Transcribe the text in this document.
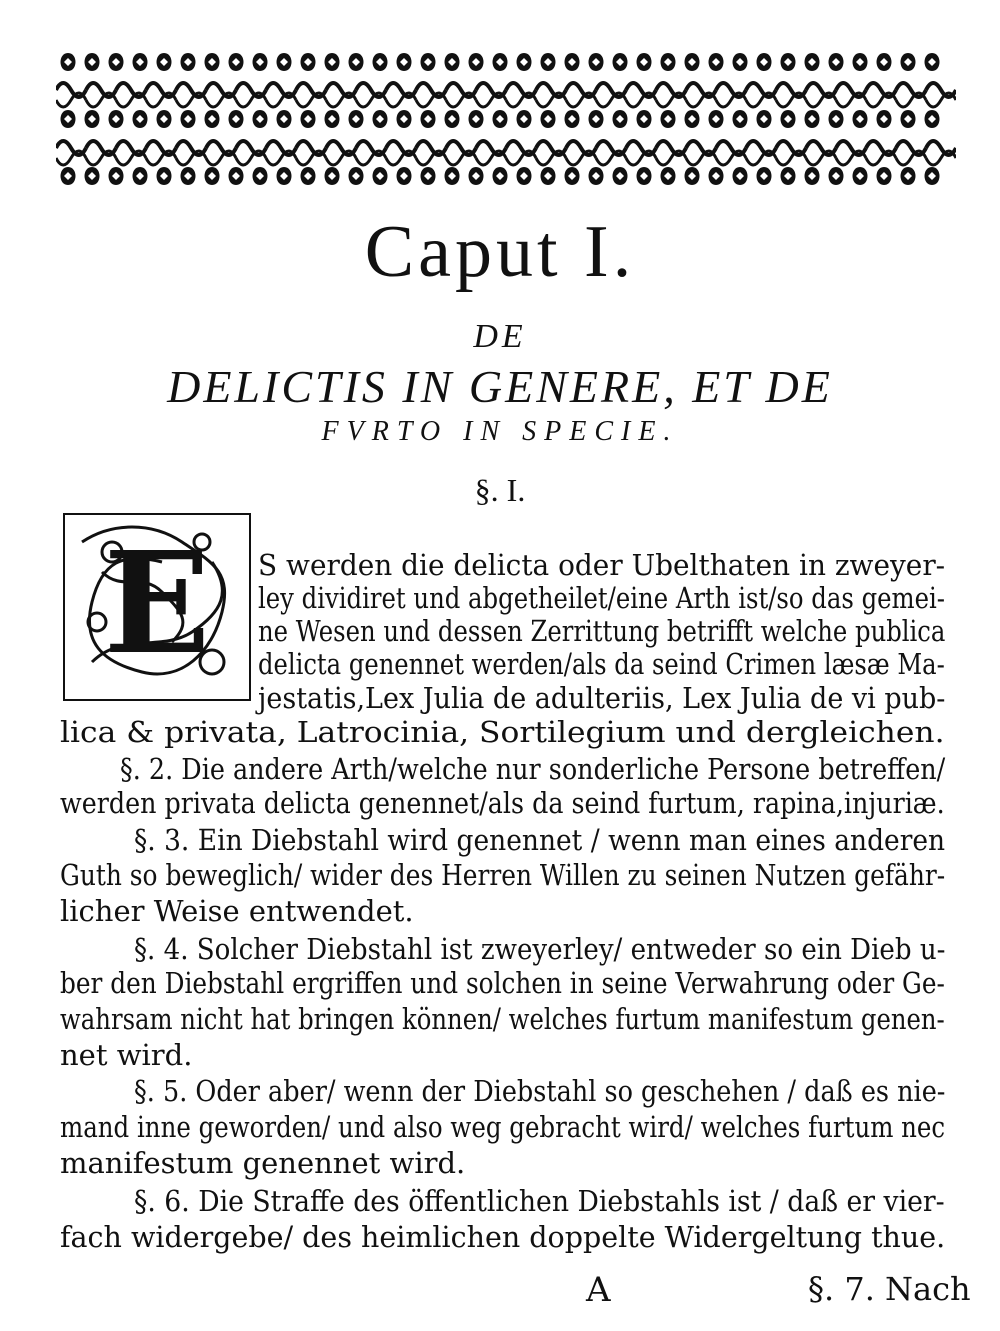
Caput I.
DE
DELICTIS IN GENERE, ET DE
FVRTO IN SPECIE.
§. I.
E S werden die delicta oder Ubelthaten in zweyer-
ley dividiret und abgetheilet/eine Arth ist/so das gemei-
ne Wesen und dessen Zerrittung betrifft welche publica
delicta genennet werden/als da seind Crimen læsæ Ma-
jestatis,Lex Julia de adulteriis, Lex Julia de vi pub-
lica & privata, Latrocinia, Sortilegium und dergleichen.
§. 2. Die andere Arth/welche nur sonderliche Persone betreffen/
werden privata delicta genennet/als da seind furtum, rapina,injuriæ.
§. 3. Ein Diebstahl wird genennet / wenn man eines anderen
Guth so beweglich/ wider des Herren Willen zu seinen Nutzen gefähr-
licher Weise entwendet.
§. 4. Solcher Diebstahl ist zweyerley/ entweder so ein Dieb u-
ber den Diebstahl ergriffen und solchen in seine Verwahrung oder Ge-
wahrsam nicht hat bringen können/ welches furtum manifestum genen-
net wird.
§. 5. Oder aber/ wenn der Diebstahl so geschehen / daß es nie-
mand inne geworden/ und also weg gebracht wird/ welches furtum nec
manifestum genennet wird.
§. 6. Die Straffe des öffentlichen Diebstahls ist / daß er vier-
fach widergebe/ des heimlichen doppelte Widergeltung thue.
A	§. 7. Nach
